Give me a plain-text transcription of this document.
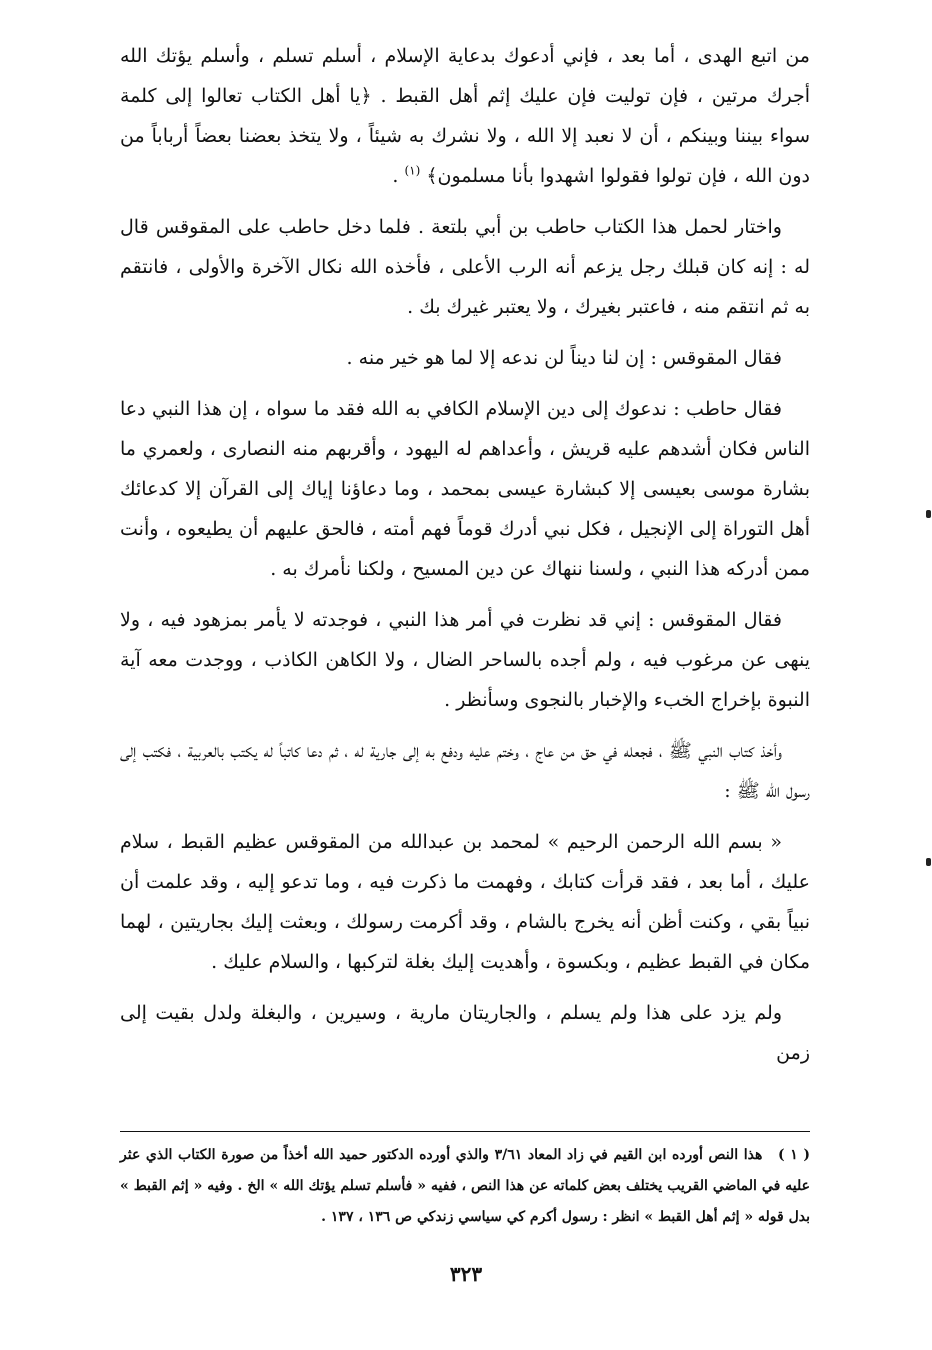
من اتبع الهدى ، أما بعد ، فإني أدعوك بدعاية الإسلام ، أسلم تسلم ، وأسلم يؤتك الله أجرك مرتين ، فإن توليت فإن عليك إثم أهل القبط . ﴿يا أهل الكتاب تعالوا إلى كلمة سواء بيننا وبينكم ، أن لا نعبد إلا الله ، ولا نشرك به شيئاً ، ولا يتخذ بعضنا بعضاً أرباباً من دون الله ، فإن تولوا فقولوا اشهدوا بأنا مسلمون﴾ $^{(١)}$ .

واختار لحمل هذا الكتاب حاطب بن أبي بلتعة . فلما دخل حاطب على المقوقس قال له : إنه كان قبلك رجل يزعم أنه الرب الأعلى ، فأخذه الله نكال الآخرة والأولى ، فانتقم به ثم انتقم منه ، فاعتبر بغيرك ، ولا يعتبر غيرك بك .

فقال المقوقس : إن لنا ديناً لن ندعه إلا لما هو خير منه .

فقال حاطب : ندعوك إلى دين الإسلام الكافي به الله فقد ما سواه ، إن هذا النبي دعا الناس فكان أشدهم عليه قريش ، وأعداهم له اليهود ، وأقربهم منه النصارى ، ولعمري ما بشارة موسى بعيسى إلا كبشارة عيسى بمحمد ، وما دعاؤنا إياك إلى القرآن إلا كدعائك أهل التوراة إلى الإنجيل ، فكل نبي أدرك قوماً فهم أمته ، فالحق عليهم أن يطيعوه ، وأنت ممن أدركه هذا النبي ، ولسنا ننهاك عن دين المسيح ، ولكنا نأمرك به .

فقال المقوقس : إني قد نظرت في أمر هذا النبي ، فوجدته لا يأمر بمزهود فيه ، ولا ينهى عن مرغوب فيه ، ولم أجده بالساحر الضال ، ولا الكاهن الكاذب ، ووجدت معه آية النبوة بإخراج الخبء والإخبار بالنجوى وسأنظر .

وأخذ كتاب النبي ﷺ ، فجعله في حق من عاج ، وختم عليه ودفع به إلى جارية له ، ثم دعا كاتباً له يكتب بالعربية ، فكتب إلى رسول الله ﷺ :

« بسم الله الرحمن الرحيم » لمحمد بن عبدالله من المقوقس عظيم القبط ، سلام عليك ، أما بعد ، فقد قرأت كتابك ، وفهمت ما ذكرت فيه ، وما تدعو إليه ، وقد علمت أن نبياً بقي ، وكنت أظن أنه يخرج بالشام ، وقد أكرمت رسولك ، وبعثت إليك بجاريتين ، لهما مكان في القبط عظيم ، وبكسوة ، وأهديت إليك بغلة لتركبها ، والسلام عليك .

ولم يزد على هذا ولم يسلم ، والجاريتان مارية ، وسيرين ، والبغلة ولدل بقيت إلى زمن

( ١ ) هذا النص أورده ابن القيم في زاد المعاد ٣/٦١ والذي أورده الدكتور حميد الله أخذاً من صورة الكتاب الذي عثر عليه في الماضي القريب يختلف بعض كلماته عن هذا النص ، ففيه « فأسلم تسلم يؤتك الله » الخ . وفيه « إثم القبط » بدل قوله « إثم أهل القبط » انظر : رسول أكرم كي سياسي زندكي ص ١٣٦ ، ١٣٧ .
٣٢٣
